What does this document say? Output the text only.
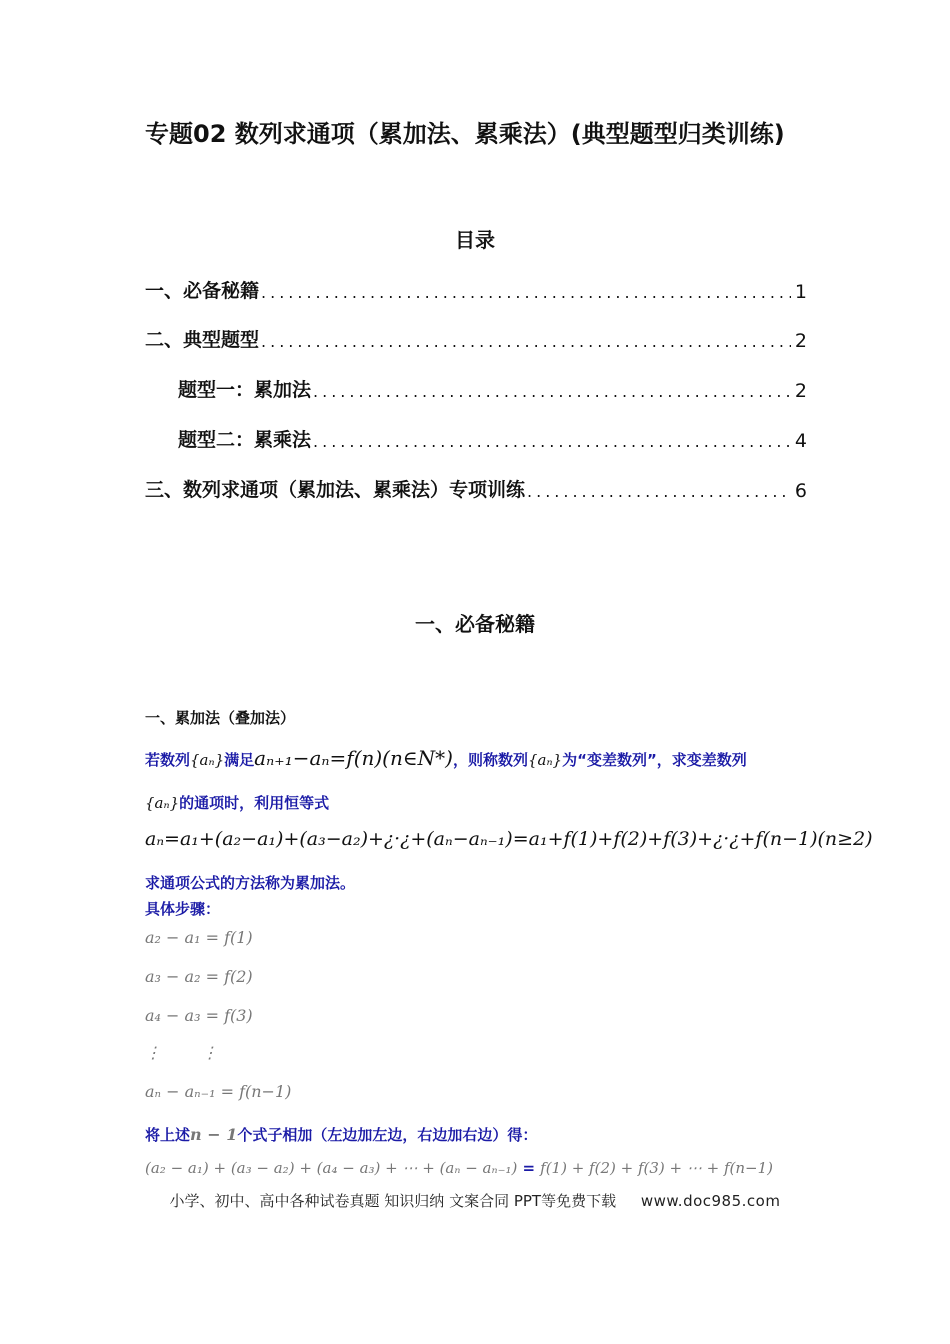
专题02 数列求通项（累加法、累乘法）(典型题型归类训练)
目录
一、必备秘籍 .....	1
二、典型题型 .....	2
题型一：累加法 .....	2
题型二：累乘法 .....	4
三、数列求通项（累加法、累乘法）专项训练 .....	6
一、必备秘籍
一、累加法（叠加法）
若数列{aₙ}满足aₙ₊₁−aₙ=f(n)(n∈N*)，则称数列{aₙ}为“变差数列”，求变差数列
{aₙ}的通项时，利用恒等式
aₙ=a₁+(a₂−a₁)+(a₃−a₂)+¿·¿+(aₙ−aₙ₋₁)=a₁+f(1)+f(2)+f(3)+¿·¿+f(n−1)(n≥2)
求通项公式的方法称为累加法。
具体步骤：
a₂ − a₁ = f(1)
a₃ − a₂ = f(2)
a₄ − a₃ = f(3)
⋮        ⋮
aₙ − aₙ₋₁ = f(n−1)
将上述n − 1个式子相加（左边加左边，右边加右边）得：
(a₂ − a₁) + (a₃ − a₂) + (a₄ − a₃) + ⋯ + (aₙ − aₙ₋₁) = f(1) + f(2) + f(3) + ⋯ + f(n−1)
小学、初中、高中各种试卷真题 知识归纳 文案合同 PPT等免费下载 www.doc985.com
